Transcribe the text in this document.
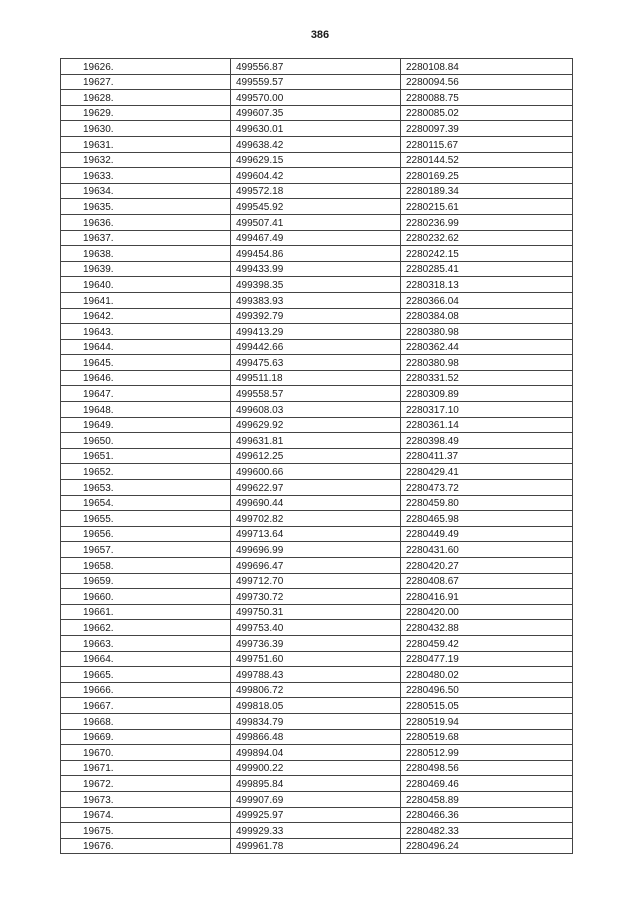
386
19626.	499556.87	2280108.84
19627.	499559.57	2280094.56
19628.	499570.00	2280088.75
19629.	499607.35	2280085.02
19630.	499630.01	2280097.39
19631.	499638.42	2280115.67
19632.	499629.15	2280144.52
19633.	499604.42	2280169.25
19634.	499572.18	2280189.34
19635.	499545.92	2280215.61
19636.	499507.41	2280236.99
19637.	499467.49	2280232.62
19638.	499454.86	2280242.15
19639.	499433.99	2280285.41
19640.	499398.35	2280318.13
19641.	499383.93	2280366.04
19642.	499392.79	2280384.08
19643.	499413.29	2280380.98
19644.	499442.66	2280362.44
19645.	499475.63	2280380.98
19646.	499511.18	2280331.52
19647.	499558.57	2280309.89
19648.	499608.03	2280317.10
19649.	499629.92	2280361.14
19650.	499631.81	2280398.49
19651.	499612.25	2280411.37
19652.	499600.66	2280429.41
19653.	499622.97	2280473.72
19654.	499690.44	2280459.80
19655.	499702.82	2280465.98
19656.	499713.64	2280449.49
19657.	499696.99	2280431.60
19658.	499696.47	2280420.27
19659.	499712.70	2280408.67
19660.	499730.72	2280416.91
19661.	499750.31	2280420.00
19662.	499753.40	2280432.88
19663.	499736.39	2280459.42
19664.	499751.60	2280477.19
19665.	499788.43	2280480.02
19666.	499806.72	2280496.50
19667.	499818.05	2280515.05
19668.	499834.79	2280519.94
19669.	499866.48	2280519.68
19670.	499894.04	2280512.99
19671.	499900.22	2280498.56
19672.	499895.84	2280469.46
19673.	499907.69	2280458.89
19674.	499925.97	2280466.36
19675.	499929.33	2280482.33
19676.	499961.78	2280496.24
